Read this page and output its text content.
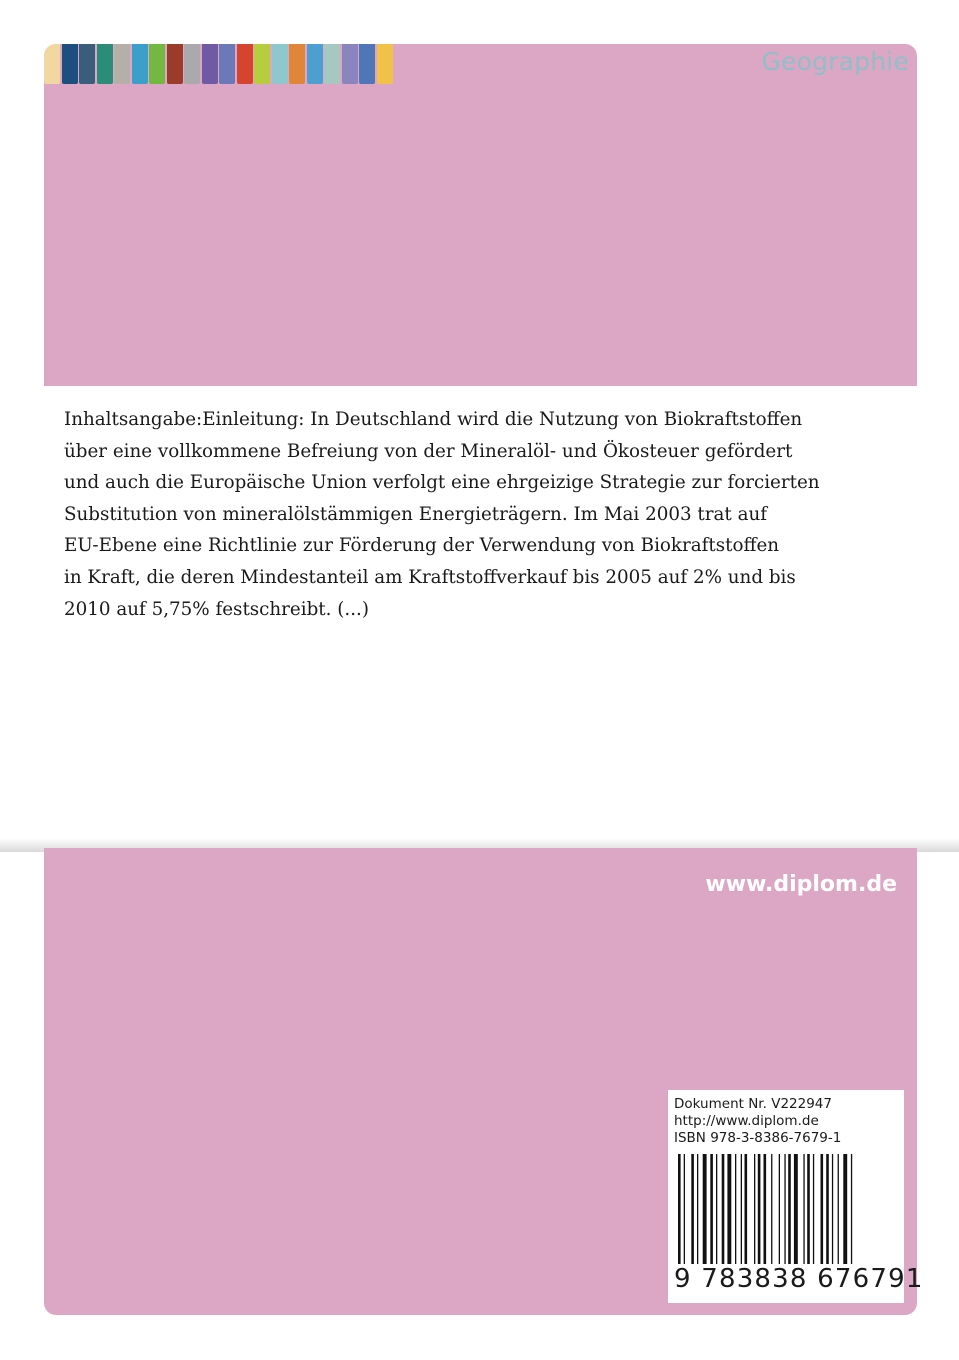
Geographie

Inhaltsangabe:Einleitung: In Deutschland wird die Nutzung von Biokraftstoffen

über eine vollkommene Befreiung von der Mineralöl- und Ökosteuer gefördert

und auch die Europäische Union verfolgt eine ehrgeizige Strategie zur forcierten

Substitution von mineralölstämmigen Energieträgern. Im Mai 2003 trat auf

EU-Ebene eine Richtlinie zur Förderung der Verwendung von Biokraftstoffen

in Kraft, die deren Mindestanteil am Kraftstoffverkauf bis 2005 auf 2% und bis

2010 auf 5,75% festschreibt. (...)

www.diplom.de
Dokument Nr. V222947
http://www.diplom.de
ISBN 978-3-8386-7679-1
9 783838 676791
